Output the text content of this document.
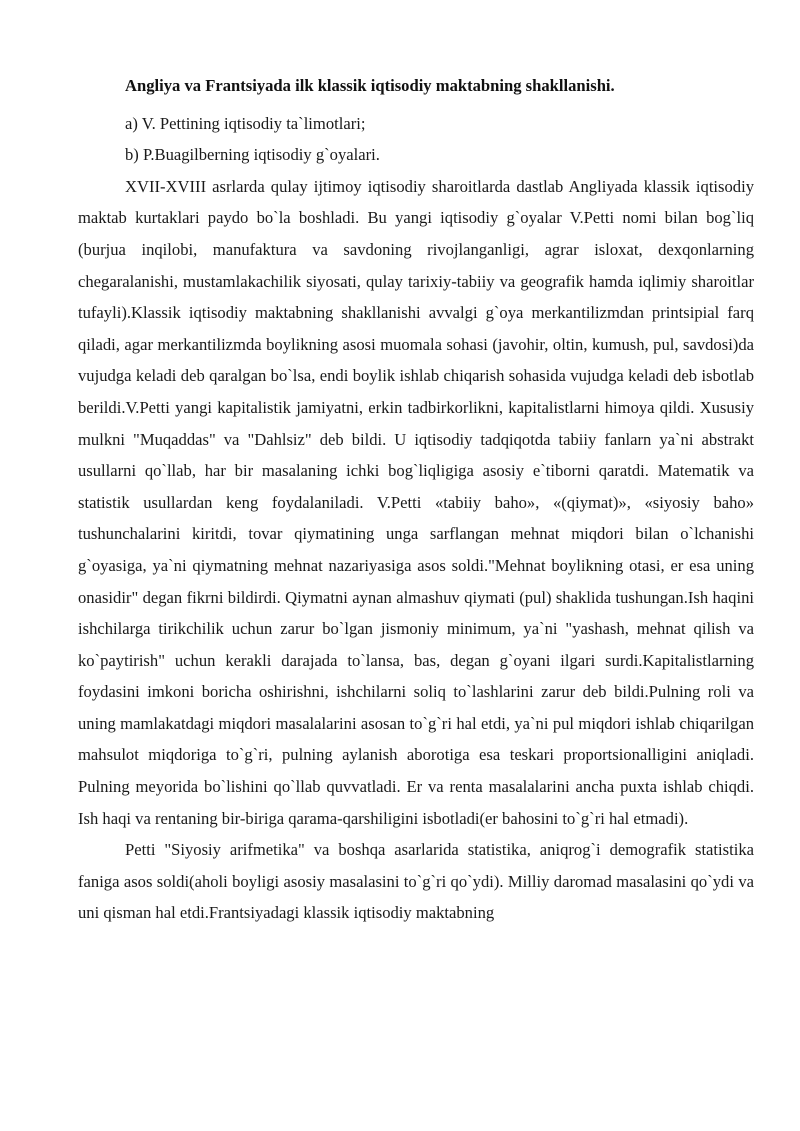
Angliya va Frantsiyada ilk klassik iqtisodiy maktabning shakllanishi.

a) V. Pettining iqtisodiy ta`limotlari;

b) P.Buagilberning iqtisodiy g`oyalari.

XVII-XVIII asrlarda qulay ijtimoy iqtisodiy sharoitlarda dastlab Angliyada klassik iqtisodiy maktab kurtaklari paydo bo`la boshladi. Bu yangi iqtisodiy g`oyalar V.Petti nomi bilan bog`liq (burjua inqilobi, manufaktura va savdoning rivojlanganligi, agrar isloxat, dexqonlarning chegaralanishi, mustamlakachilik siyosati, qulay tarixiy-tabiiy va geografik hamda iqlimiy sharoitlar tufayli).Klassik iqtisodiy maktabning shakllanishi avvalgi g`oya merkantilizmdan printsipial farq qiladi, agar merkantilizmda boylikning asosi muomala sohasi (javohir, oltin, kumush, pul, savdosi)da vujudga keladi deb qaralgan bo`lsa, endi boylik ishlab chiqarish sohasida vujudga keladi deb isbotlab berildi.V.Petti yangi kapitalistik jamiyatni, erkin tadbirkorlikni, kapitalistlarni himoya qildi. Xususiy mulkni "Muqaddas" va "Dahlsiz" deb bildi. U iqtisodiy tadqiqotda tabiiy fanlarn ya`ni abstrakt usullarni qo`llab, har bir masalaning ichki bog`liqligiga asosiy e`tiborni qaratdi. Matematik va statistik usullardan keng foydalaniladi. V.Petti «tabiiy baho», «(qiymat)», «siyosiy baho» tushunchalarini kiritdi, tovar qiymatining unga sarflangan mehnat miqdori bilan o`lchanishi g`oyasiga, ya`ni qiymatning mehnat nazariyasiga asos soldi."Mehnat boylikning otasi, er esa uning onasidir" degan fikrni bildirdi. Qiymatni aynan almashuv qiymati (pul) shaklida tushungan.Ish haqini ishchilarga tirikchilik uchun zarur bo`lgan jismoniy minimum, ya`ni "yashash, mehnat qilish va ko`paytirish" uchun kerakli darajada to`lansa, bas, degan g`oyani ilgari surdi.Kapitalistlarning foydasini imkoni boricha oshirishni, ishchilarni soliq to`lashlarini zarur deb bildi.Pulning roli va uning mamlakatdagi miqdori masalalarini asosan to`g`ri hal etdi, ya`ni pul miqdori ishlab chiqarilgan mahsulot miqdoriga to`g`ri, pulning aylanish aborotiga esa teskari proportsionalligini aniqladi. Pulning meyorida bo`lishini qo`llab quvvatladi. Er va renta masalalarini ancha puxta ishlab chiqdi. Ish haqi va rentaning bir-biriga qarama-qarshiligini isbotladi(er bahosini to`g`ri hal etmadi).

Petti "Siyosiy arifmetika" va boshqa asarlarida statistika, aniqrog`i demografik statistika faniga asos soldi(aholi boyligi asosiy masalasini to`g`ri qo`ydi). Milliy daromad masalasini qo`ydi va uni qisman hal etdi.Frantsiyadagi klassik iqtisodiy maktabning
